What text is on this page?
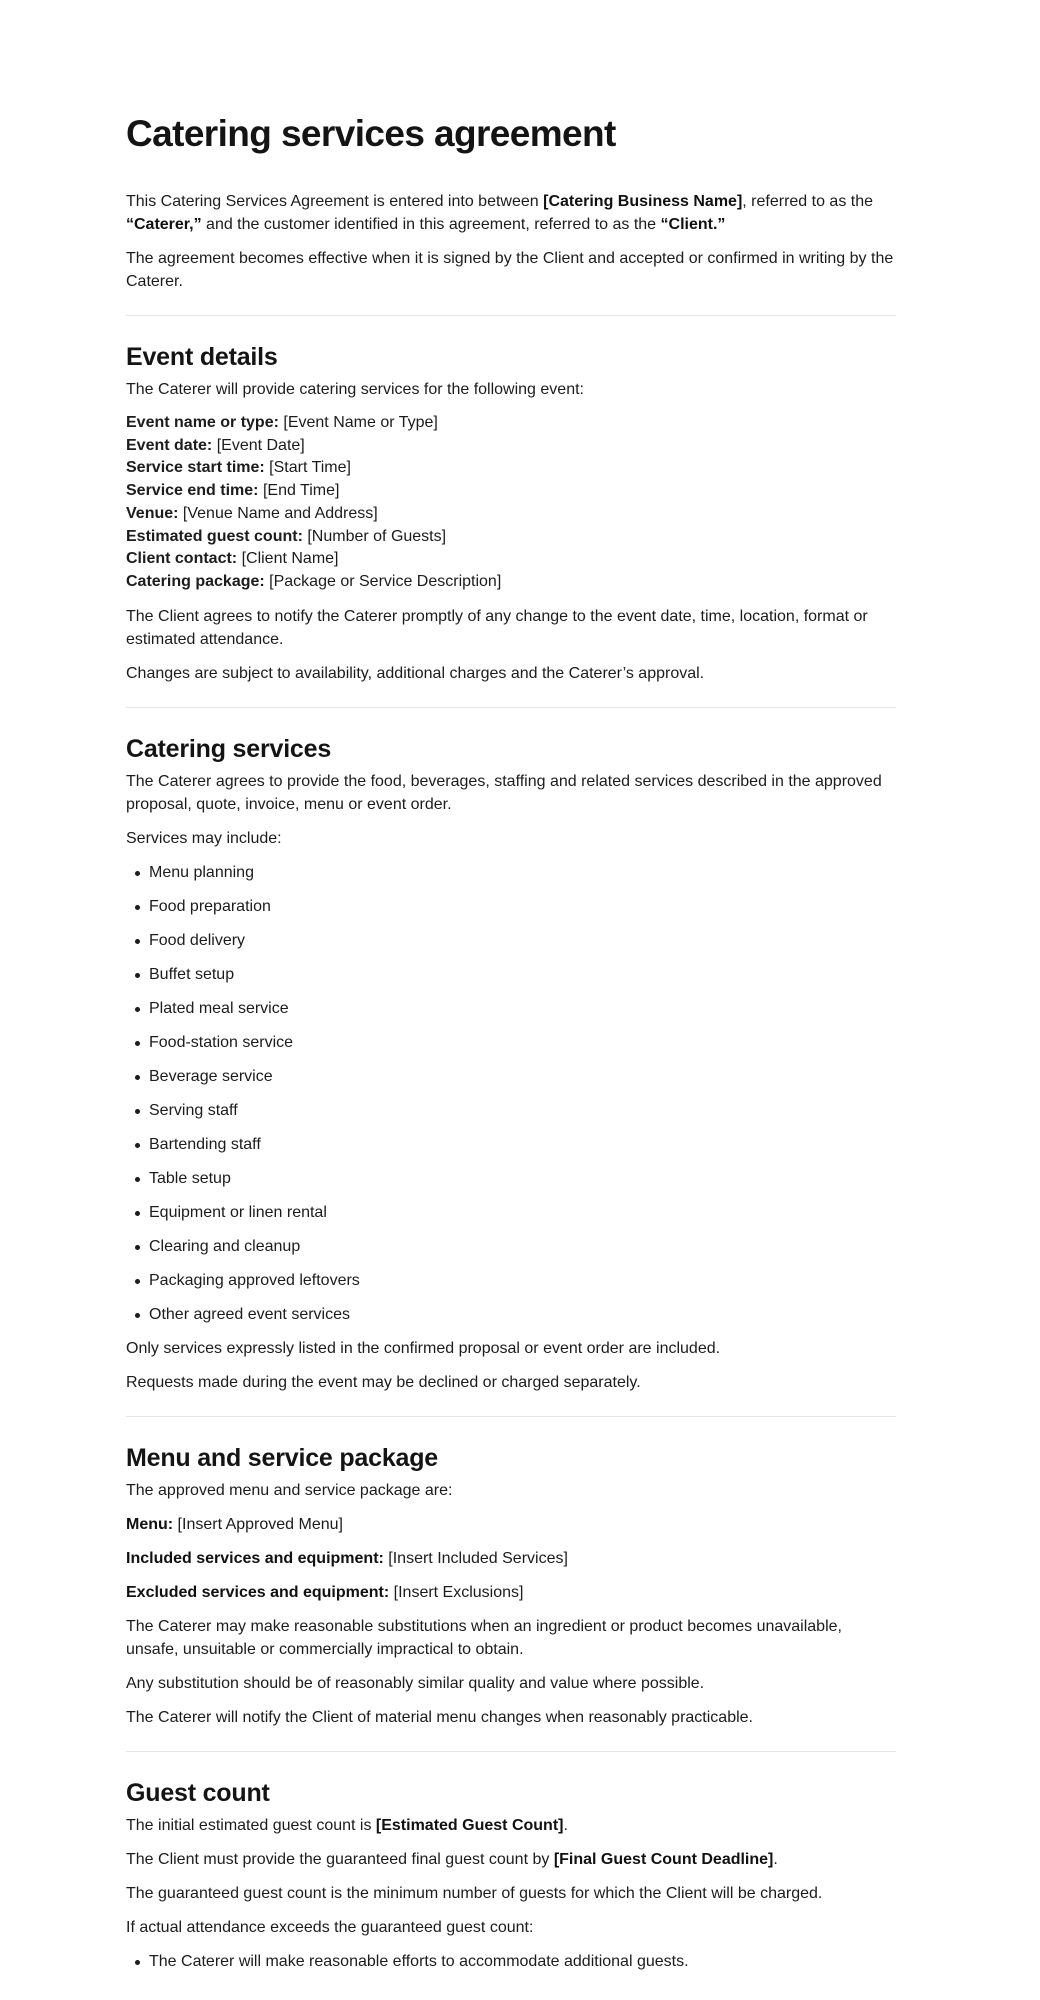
Catering services agreement

This Catering Services Agreement is entered into between [Catering Business Name], referred to as the “Caterer,” and the customer identified in this agreement, referred to as the “Client.”

The agreement becomes effective when it is signed by the Client and accepted or confirmed in writing by the Caterer.

Event details

The Caterer will provide catering services for the following event:

Event name or type: [Event Name or Type]
Event date: [Event Date]
Service start time: [Start Time]
Service end time: [End Time]
Venue: [Venue Name and Address]
Estimated guest count: [Number of Guests]
Client contact: [Client Name]
Catering package: [Package or Service Description]

The Client agrees to notify the Caterer promptly of any change to the event date, time, location, format or estimated attendance.

Changes are subject to availability, additional charges and the Caterer’s approval.

Catering services

The Caterer agrees to provide the food, beverages, staffing and related services described in the approved proposal, quote, invoice, menu or event order.

Services may include:

Menu planning
Food preparation
Food delivery
Buffet setup
Plated meal service
Food-station service
Beverage service
Serving staff
Bartending staff
Table setup
Equipment or linen rental
Clearing and cleanup
Packaging approved leftovers
Other agreed event services

Only services expressly listed in the confirmed proposal or event order are included.

Requests made during the event may be declined or charged separately.

Menu and service package

The approved menu and service package are:

Menu: [Insert Approved Menu]

Included services and equipment: [Insert Included Services]

Excluded services and equipment: [Insert Exclusions]

The Caterer may make reasonable substitutions when an ingredient or product becomes unavailable, unsafe, unsuitable or commercially impractical to obtain.

Any substitution should be of reasonably similar quality and value where possible.

The Caterer will notify the Client of material menu changes when reasonably practicable.

Guest count

The initial estimated guest count is [Estimated Guest Count].

The Client must provide the guaranteed final guest count by [Final Guest Count Deadline].

The guaranteed guest count is the minimum number of guests for which the Client will be charged.

If actual attendance exceeds the guaranteed guest count:

The Caterer will make reasonable efforts to accommodate additional guests.
